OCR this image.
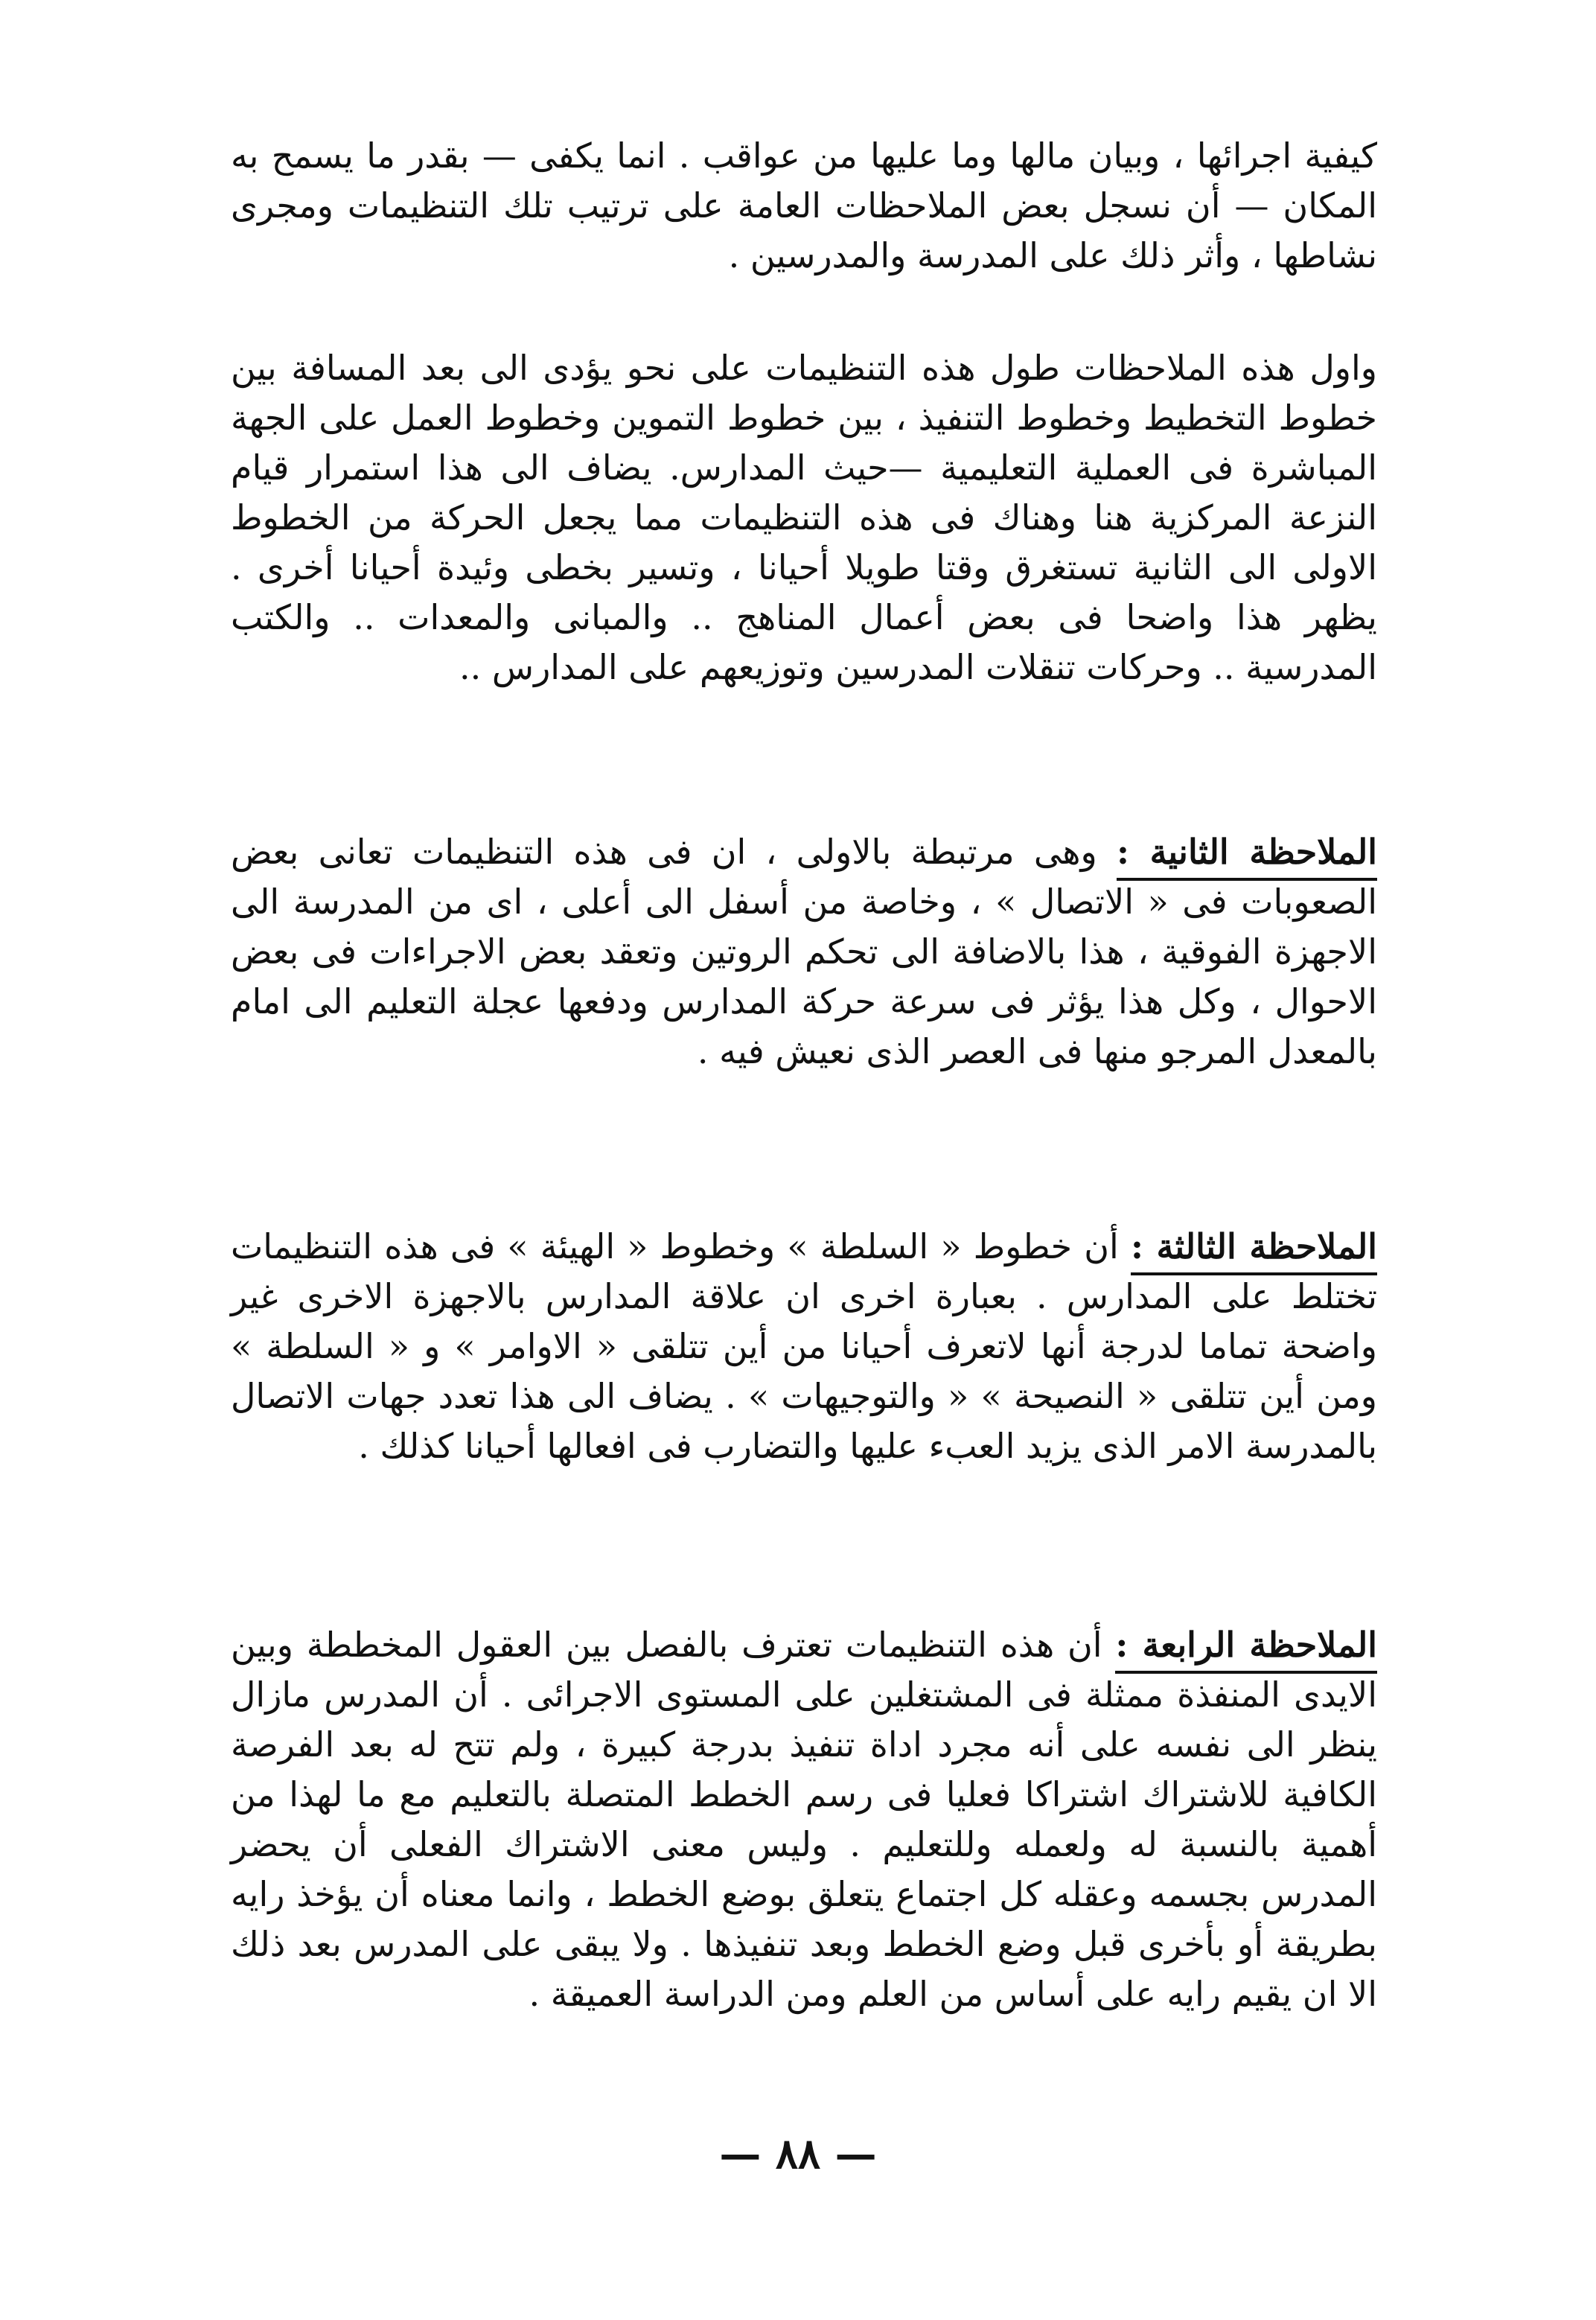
كيفية اجرائها ، وبيان مالها وما عليها من عواقب . انما يكفى — بقدر ما يسمح به المكان — أن نسجل بعض الملاحظات العامة على ترتيب تلك التنظيمات ومجرى نشاطها ، وأثر ذلك على المدرسة والمدرسين .

واول هذه الملاحظات طول هذه التنظيمات على نحو يؤدى الى بعد المسافة بين خطوط التخطيط وخطوط التنفيذ ، بين خطوط التموين وخطوط العمل على الجهة المباشرة فى العملية التعليمية —حيث المدارس. يضاف الى هذا استمرار قيام النزعة المركزية هنا وهناك فى هذه التنظيمات مما يجعل الحركة من الخطوط الاولى الى الثانية تستغرق وقتا طويلا أحيانا ، وتسير بخطى وئيدة أحيانا أخرى . يظهر هذا واضحا فى بعض أعمال المناهج .. والمبانى والمعدات .. والكتب المدرسية .. وحركات تنقلات المدرسين وتوزيعهم على المدارس ..

الملاحظة الثانية : وهى مرتبطة بالاولى ، ان فى هذه التنظيمات تعانى بعض الصعوبات فى « الاتصال » ، وخاصة من أسفل الى أعلى ، اى من المدرسة الى الاجهزة الفوقية ، هذا بالاضافة الى تحكم الروتين وتعقد بعض الاجراءات فى بعض الاحوال ، وكل هذا يؤثر فى سرعة حركة المدارس ودفعها عجلة التعليم الى امام بالمعدل المرجو منها فى العصر الذى نعيش فيه .

الملاحظة الثالثة : أن خطوط « السلطة » وخطوط « الهيئة » فى هذه التنظيمات تختلط على المدارس . بعبارة اخرى ان علاقة المدارس بالاجهزة الاخرى غير واضحة تماما لدرجة أنها لاتعرف أحيانا من أين تتلقى « الاوامر » و « السلطة » ومن أين تتلقى « النصيحة » « والتوجيهات » . يضاف الى هذا تعدد جهات الاتصال بالمدرسة الامر الذى يزيد العبء عليها والتضارب فى افعالها أحيانا كذلك .

الملاحظة الرابعة : أن هذه التنظيمات تعترف بالفصل بين العقول المخططة وبين الايدى المنفذة ممثلة فى المشتغلين على المستوى الاجرائى . أن المدرس مازال ينظر الى نفسه على أنه مجرد اداة تنفيذ بدرجة كبيرة ، ولم تتح له بعد الفرصة الكافية للاشتراك اشتراكا فعليا فى رسم الخطط المتصلة بالتعليم مع ما لهذا من أهمية بالنسبة له ولعمله وللتعليم . وليس معنى الاشتراك الفعلى أن يحضر المدرس بجسمه وعقله كل اجتماع يتعلق بوضع الخطط ، وانما معناه أن يؤخذ رايه بطريقة أو بأخرى قبل وضع الخطط وبعد تنفيذها . ولا يبقى على المدرس بعد ذلك الا ان يقيم رايه على أساس من العلم ومن الدراسة العميقة .

— ٨٨ —
